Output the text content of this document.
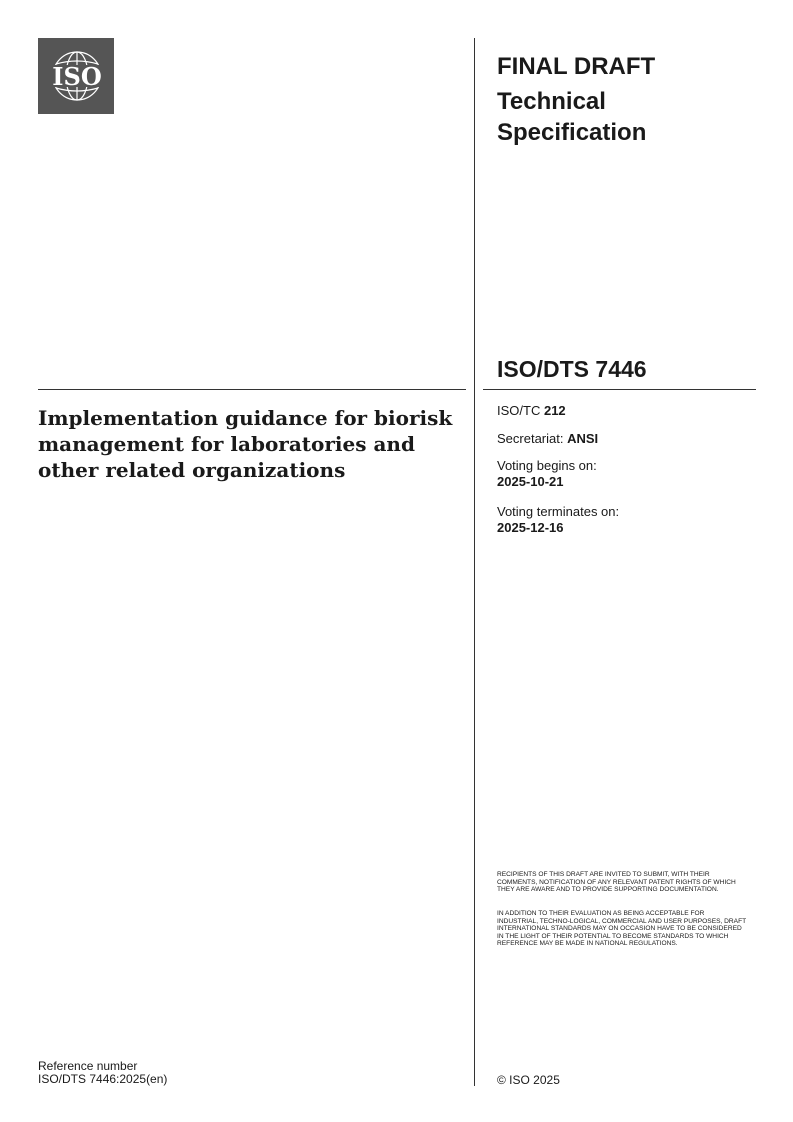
ISO	FINAL DRAFT
Technical Specification
ISO/DTS 7446
Implementation guidance for biorisk management for laboratories and other related organizations
ISO/TC 212
Secretariat: ANSI
Voting begins on:
2025-10-21
Voting terminates on:
2025-12-16
RECIPIENTS OF THIS DRAFT ARE INVITED TO SUBMIT, WITH THEIR COMMENTS, NOTIFICATION OF ANY RELEVANT PATENT RIGHTS OF WHICH THEY ARE AWARE AND TO PROVIDE SUPPORTING DOCUMENTATION.
IN ADDITION TO THEIR EVALUATION AS BEING ACCEPTABLE FOR INDUSTRIAL, TECHNO-LOGICAL, COMMERCIAL AND USER PURPOSES, DRAFT INTERNATIONAL STANDARDS MAY ON OCCASION HAVE TO BE CONSIDERED IN THE LIGHT OF THEIR POTENTIAL TO BECOME STANDARDS TO WHICH REFERENCE MAY BE MADE IN NATIONAL REGULATIONS.
Reference number
ISO/DTS 7446:2025(en)	© ISO 2025
